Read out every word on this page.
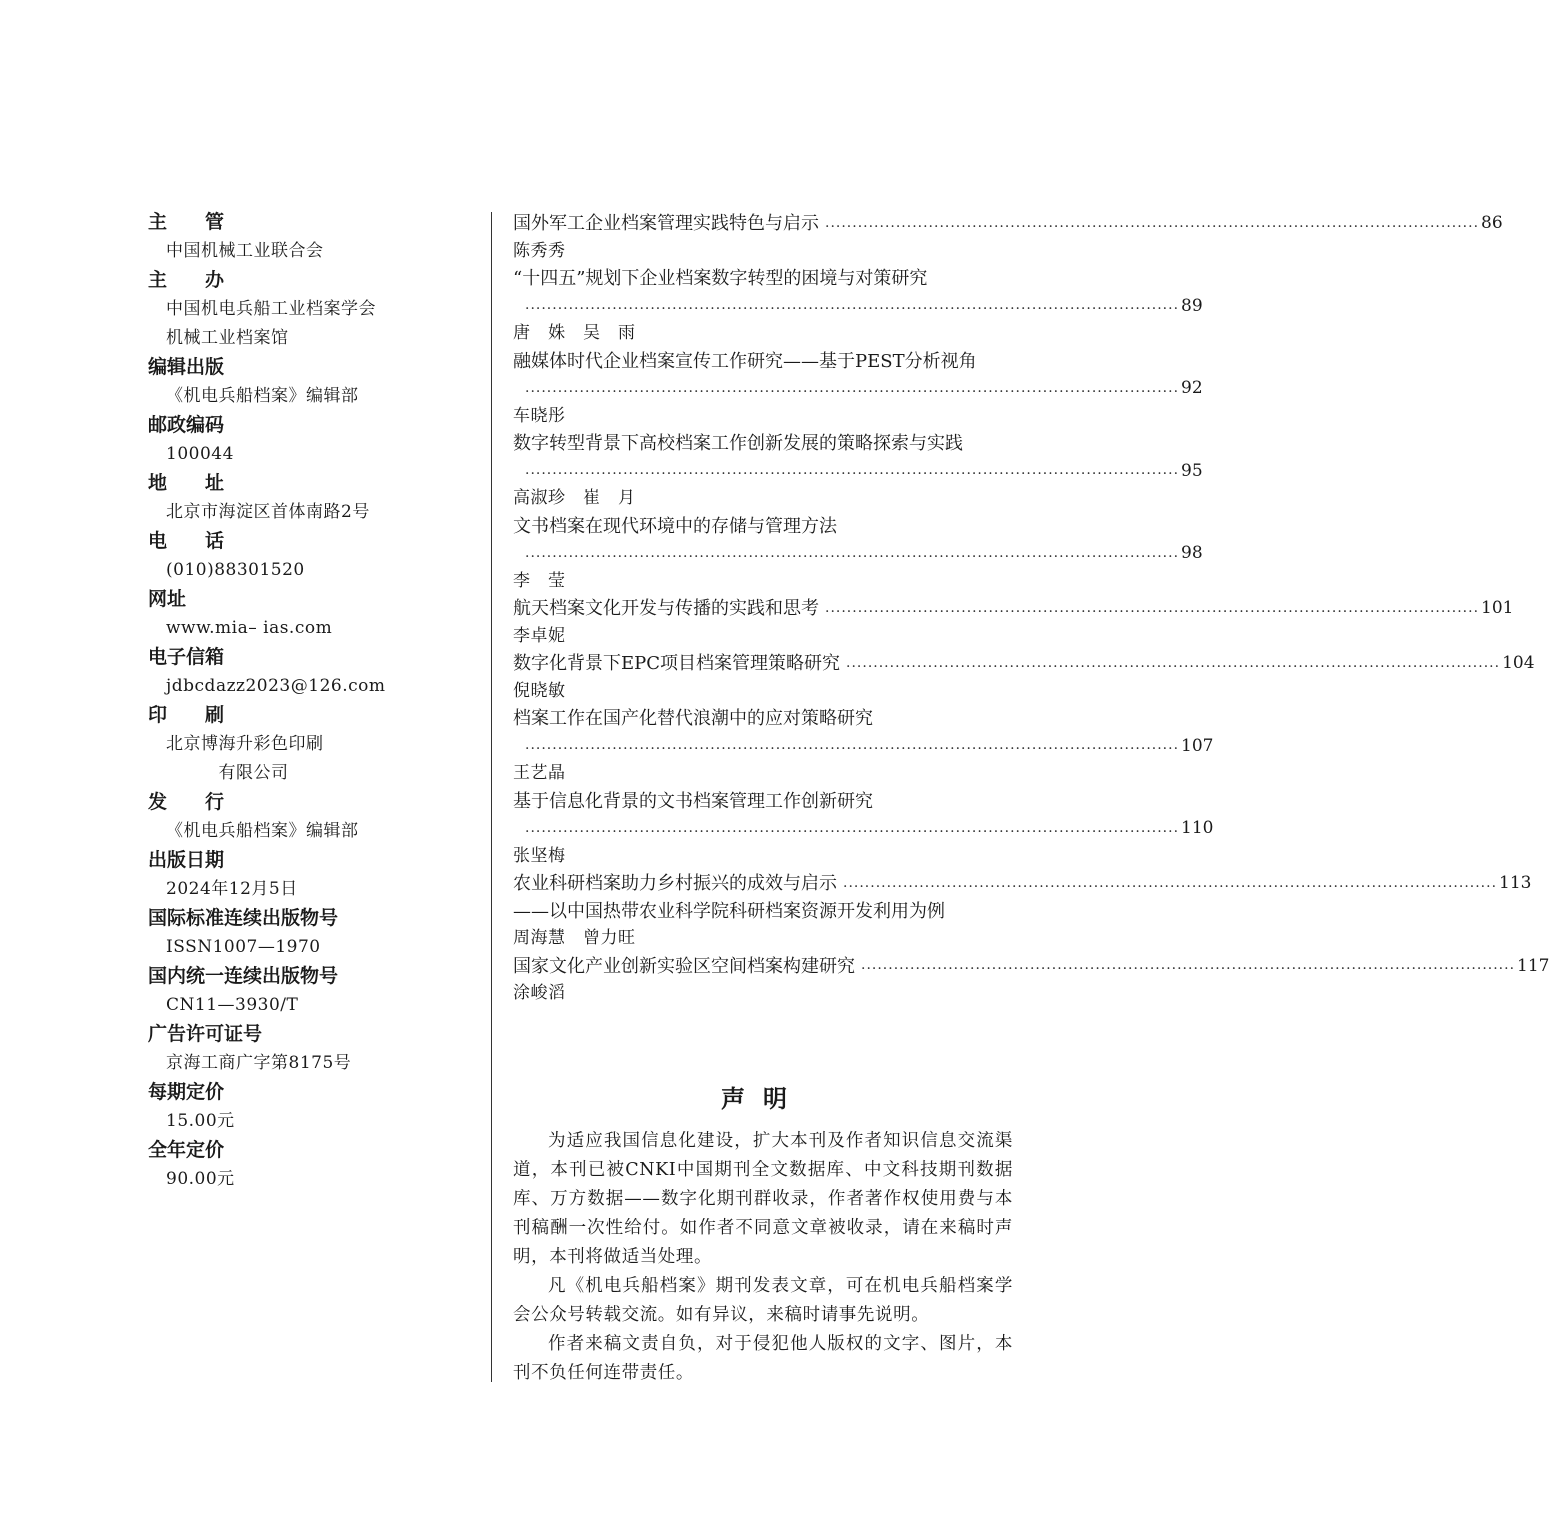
主　　管
中国机械工业联合会
主　　办
中国机电兵船工业档案学会
机械工业档案馆
编辑出版
《机电兵船档案》编辑部
邮政编码
100044
地　　址
北京市海淀区首体南路2号
电　　话
(010)88301520
网址
www.mia– ias.com
电子信箱
jdbcdazz2023@126.com
印　　刷
北京博海升彩色印刷
　　　有限公司
发　　行
《机电兵船档案》编辑部
出版日期
2024年12月5日
国际标准连续出版物号
ISSN1007—1970
国内统一连续出版物号
CN11—3930/T
广告许可证号
京海工商广字第8175号
每期定价
15.00元
全年定价
90.00元
国外军工企业档案管理实践特色与启示 ························································································································ 86
陈秀秀
“十四五”规划下企业档案数字转型的困境与对策研究
························································································································ 89
唐　姝　吴　雨
融媒体时代企业档案宣传工作研究——基于PEST分析视角
························································································································ 92
车晓彤
数字转型背景下高校档案工作创新发展的策略探索与实践
························································································································ 95
高淑珍　崔　月
文书档案在现代环境中的存储与管理方法
························································································································ 98
李　莹
航天档案文化开发与传播的实践和思考 ························································································································ 101
李卓妮
数字化背景下EPC项目档案管理策略研究 ························································································································ 104
倪晓敏
档案工作在国产化替代浪潮中的应对策略研究
························································································································ 107
王艺晶
基于信息化背景的文书档案管理工作创新研究
························································································································ 110
张坚梅
农业科研档案助力乡村振兴的成效与启示 ························································································································ 113
——以中国热带农业科学院科研档案资源开发利用为例
周海慧　曾力旺
国家文化产业创新实验区空间档案构建研究 ························································································································ 117
涂峻滔
声明

为适应我国信息化建设，扩大本刊及作者知识信息交流渠道，本刊已被CNKI中国期刊全文数据库、中文科技期刊数据库、万方数据——数字化期刊群收录，作者著作权使用费与本刊稿酬一次性给付。如作者不同意文章被收录，请在来稿时声明，本刊将做适当处理。

凡《机电兵船档案》期刊发表文章，可在机电兵船档案学会公众号转载交流。如有异议，来稿时请事先说明。

作者来稿文责自负，对于侵犯他人版权的文字、图片，本刊不负任何连带责任。
